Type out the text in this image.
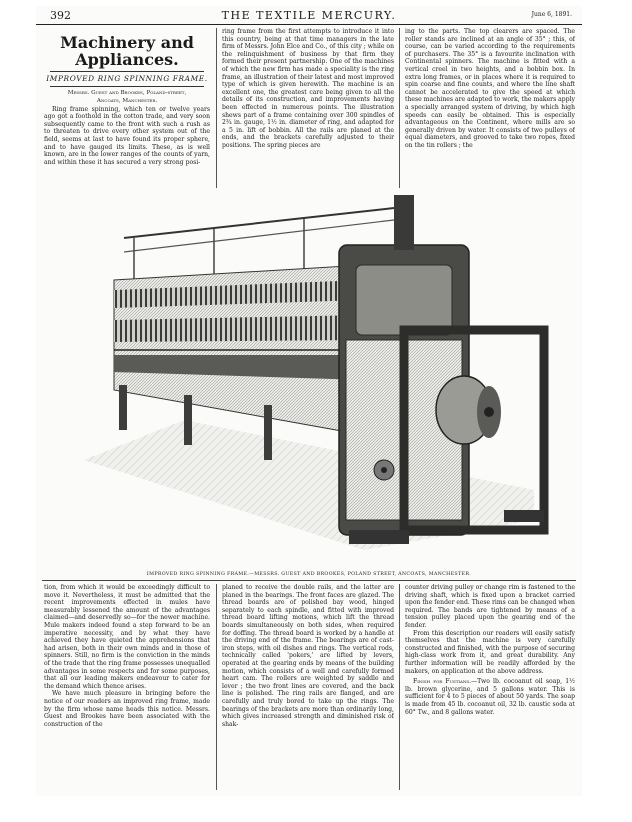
392	THE TEXTILE MERCURY.	June 6, 1891.
Machinery and
Appliances.
IMPROVED RING SPINNING FRAME.
Messrs. Guest and Brookes, Poland-street,
Ancoats, Manchester.

Ring frame spinning, which ten or twelve years ago got a foothold in the cotton trade, and very soon subsequently came to the front with such a rush as to threaten to drive every other system out of the field, seems at last to have found its proper sphere, and to have gauged its limits. These, as is well known, are in the lower ranges of the counts of yarn, and within these it has secured a very strong posi-

ring frame from the first attempts to introduce it into this country, being at that time managers in the late firm of Messrs. John Elce and Co., of this city ; while on the relinquishment of business by that firm they formed their present partnership. One of the machines of which the new firm has made a speciality is the ring frame, an illustration of their latest and most improved type of which is given herewith. The machine is an excellent one, the greatest care being given to all the details of its construction, and improvements having been effected in numerous points. The illustration shews part of a frame containing over 300 spindles of 2¾ in. gauge, 1½ in. diameter of ring, and adapted for a 5 in. lift of bobbin. All the rails are planed at the ends, and the brackets carefully adjusted to their positions. The spring pieces are

ing to the parts. The top clearers are spaced. The roller stands are inclined at an angle of 35° ; this, of course, can be varied according to the requirements of purchasers. The 35° is a favourite inclination with Continental spinners. The machine is fitted with a vertical creel in two heights, and a bobbin box. In extra long frames, or in places where it is required to spin coarse and fine counts, and where the line shaft cannot be accelerated to give the speed at which these machines are adapted to work, the makers apply a specially arranged system of driving, by which high speeds can easily be obtained. This is especially advantageous on the Continent, where mills are so generally driven by water. It consists of two pulleys of equal diameters, and grooved to take two ropes, fixed on the tin rollers ; the

IMPROVED RING SPINNING FRAME.—MESSRS. GUEST AND BROOKES, POLAND STREET, ANCOATS, MANCHESTER.

tion, from which it would be exceedingly difficult to move it. Nevertheless, it must be admitted that the recent improvements effected in mules have measurably lessened the amount of the advantages claimed—and deservedly so—for the newer machine. Mule makers indeed found a step forward to be an imperative necessity, and by what they have achieved they have quieted the apprehensions that had arisen, both in their own minds and in those of spinners. Still, no firm is the conviction in the minds of the trade that the ring frame possesses unequalled advantages in some respects and for some purposes, that all our leading makers endeavour to cater for the demand which thence arises.

We have much pleasure in bringing before the notice of our readers an improved ring frame, made by the firm whose name heads this notice. Messrs. Guest and Brookes have been associated with the construction of the

planed to receive the double rails, and the latter are planed in the bearings. The front faces are glazed. The thread boards are of polished bay wood, hinged separately to each spindle, and fitted with improved thread board lifting motions, which lift the thread boards simultaneously on both sides, when required for doffing. The thread board is worked by a handle at the driving end of the frame. The bearings are of cast-iron steps, with oil dishes and rings. The vertical rods, technically called 'pokers,' are lifted by levers, operated at the gearing ends by means of the building motion, which consists of a well and carefully formed heart cam. The rollers are weighted by saddle and lever ; the two front lines are covered, and the back line is polished. The ring rails are flanged, and are carefully and truly bored to take up the rings. The bearings of the brackets are more than ordinarily long, which gives increased strength and diminished risk of shak-

counter driving pulley or change rim is fastened to the driving shaft, which is fixed upon a bracket carried upon the fender end. These rims can be changed when required. The bands are tightened by means of a tension pulley placed upon the gearing end of the fender.

From this description our readers will easily satisfy themselves that the machine is very carefully constructed and finished, with the purpose of securing high-class work from it, and great durability. Any further information will be readily afforded by the makers, on application at the above address.

Finish for Fustians.—Two lb. cocoanut oil soap, 1½ lb. brown glycerine, and 5 gallons water. This is sufficient for 4 to 5 pieces of about 50 yards. The soap is made from 45 lb. cocoanut oil, 32 lb. caustic soda at 60° Tw., and 8 gallons water.
